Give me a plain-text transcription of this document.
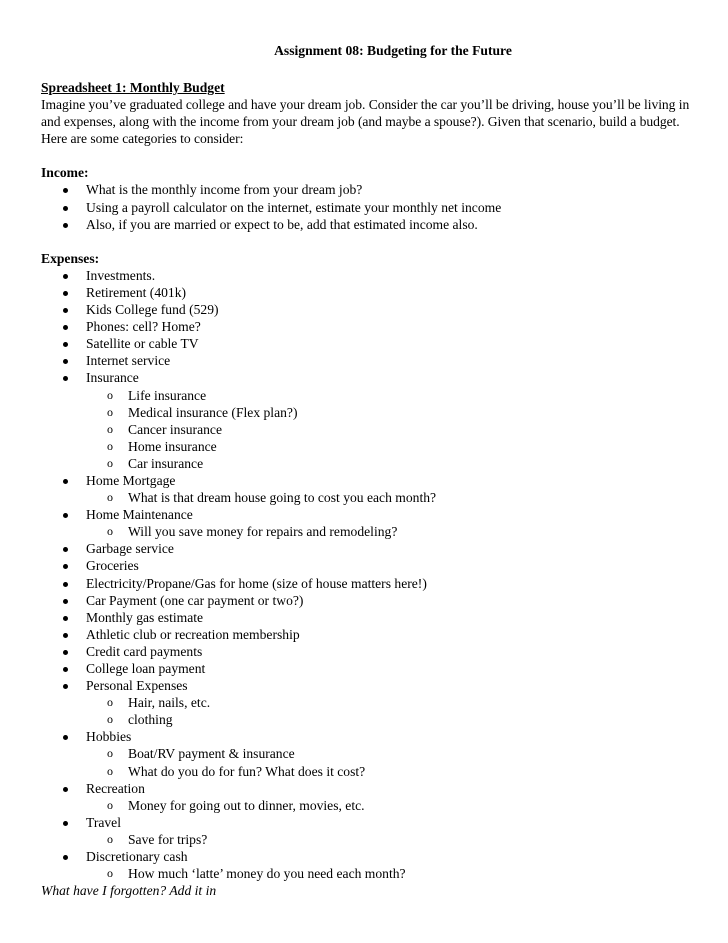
Assignment 08: Budgeting for the Future
Spreadsheet 1: Monthly Budget

Imagine you’ve graduated college and have your dream job. Consider the car you’ll be driving, house you’ll be living in and expenses, along with the income from your dream job (and maybe a spouse?). Given that scenario, build a budget. Here are some categories to consider:

Income:
What is the monthly income from your dream job?
Using a payroll calculator on the internet, estimate your monthly net income
Also, if you are married or expect to be, add that estimated income also.
Expenses:
Investments.
Retirement (401k)
Kids College fund (529)
Phones: cell? Home?
Satellite or cable TV
Internet service
Insurance
o Life insurance
o Medical insurance (Flex plan?)
o Cancer insurance
o Home insurance
o Car insurance
Home Mortgage
o What is that dream house going to cost you each month?
Home Maintenance
o Will you save money for repairs and remodeling?
Garbage service
Groceries
Electricity/Propane/Gas for home (size of house matters here!)
Car Payment (one car payment or two?)
Monthly gas estimate
Athletic club or recreation membership
Credit card payments
College loan payment
Personal Expenses
o Hair, nails, etc.
o clothing
Hobbies
o Boat/RV payment & insurance
o What do you do for fun? What does it cost?
Recreation
o Money for going out to dinner, movies, etc.
Travel
o Save for trips?
Discretionary cash
o How much ‘latte’ money do you need each month?
What have I forgotten? Add it in
